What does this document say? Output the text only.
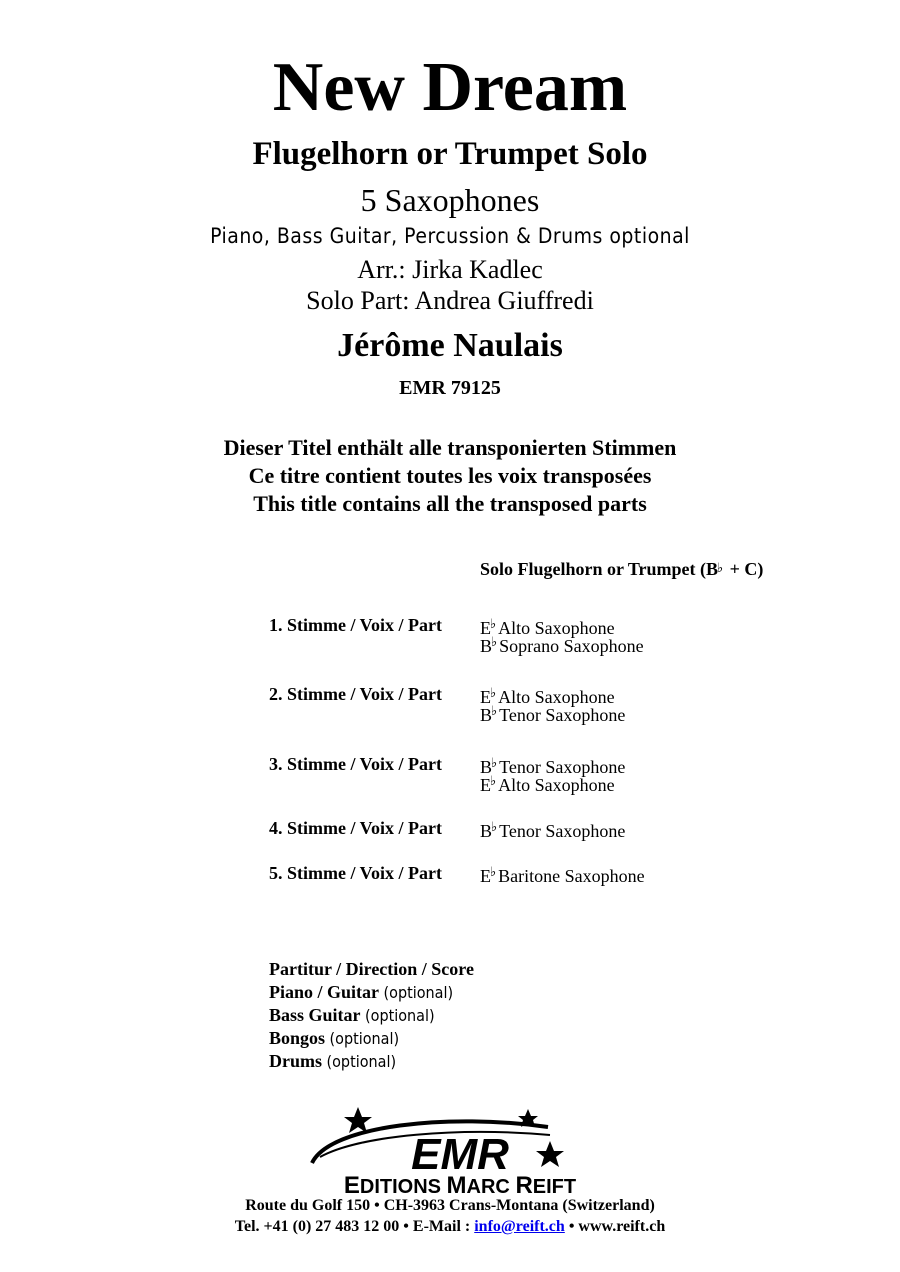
New Dream
Flugelhorn or Trumpet Solo
5 Saxophones
Piano, Bass Guitar, Percussion & Drums optional
Arr.: Jirka Kadlec
Solo Part: Andrea Giuffredi
Jérôme Naulais
EMR 79125
Dieser Titel enthält alle transponierten Stimmen
Ce titre contient toutes les voix transposées
This title contains all the transposed parts
Solo Flugelhorn or Trumpet (B♭ + C)
1. Stimme / Voix / Part E♭ Alto Saxophone
B♭ Soprano Saxophone
2. Stimme / Voix / Part E♭ Alto Saxophone
B♭ Tenor Saxophone
3. Stimme / Voix / Part B♭ Tenor Saxophone
E♭ Alto Saxophone
4. Stimme / Voix / Part B♭ Tenor Saxophone
5. Stimme / Voix / Part E♭ Baritone Saxophone
Partitur / Direction / Score
Piano / Guitar (optional)
Bass Guitar (optional)
Bongos (optional)
Drums (optional)
EMR
EDITIONS MARC REIFT
Route du Golf 150 • CH-3963 Crans-Montana (Switzerland)
Tel. +41 (0) 27 483 12 00 • E-Mail : info@reift.ch • www.reift.ch
